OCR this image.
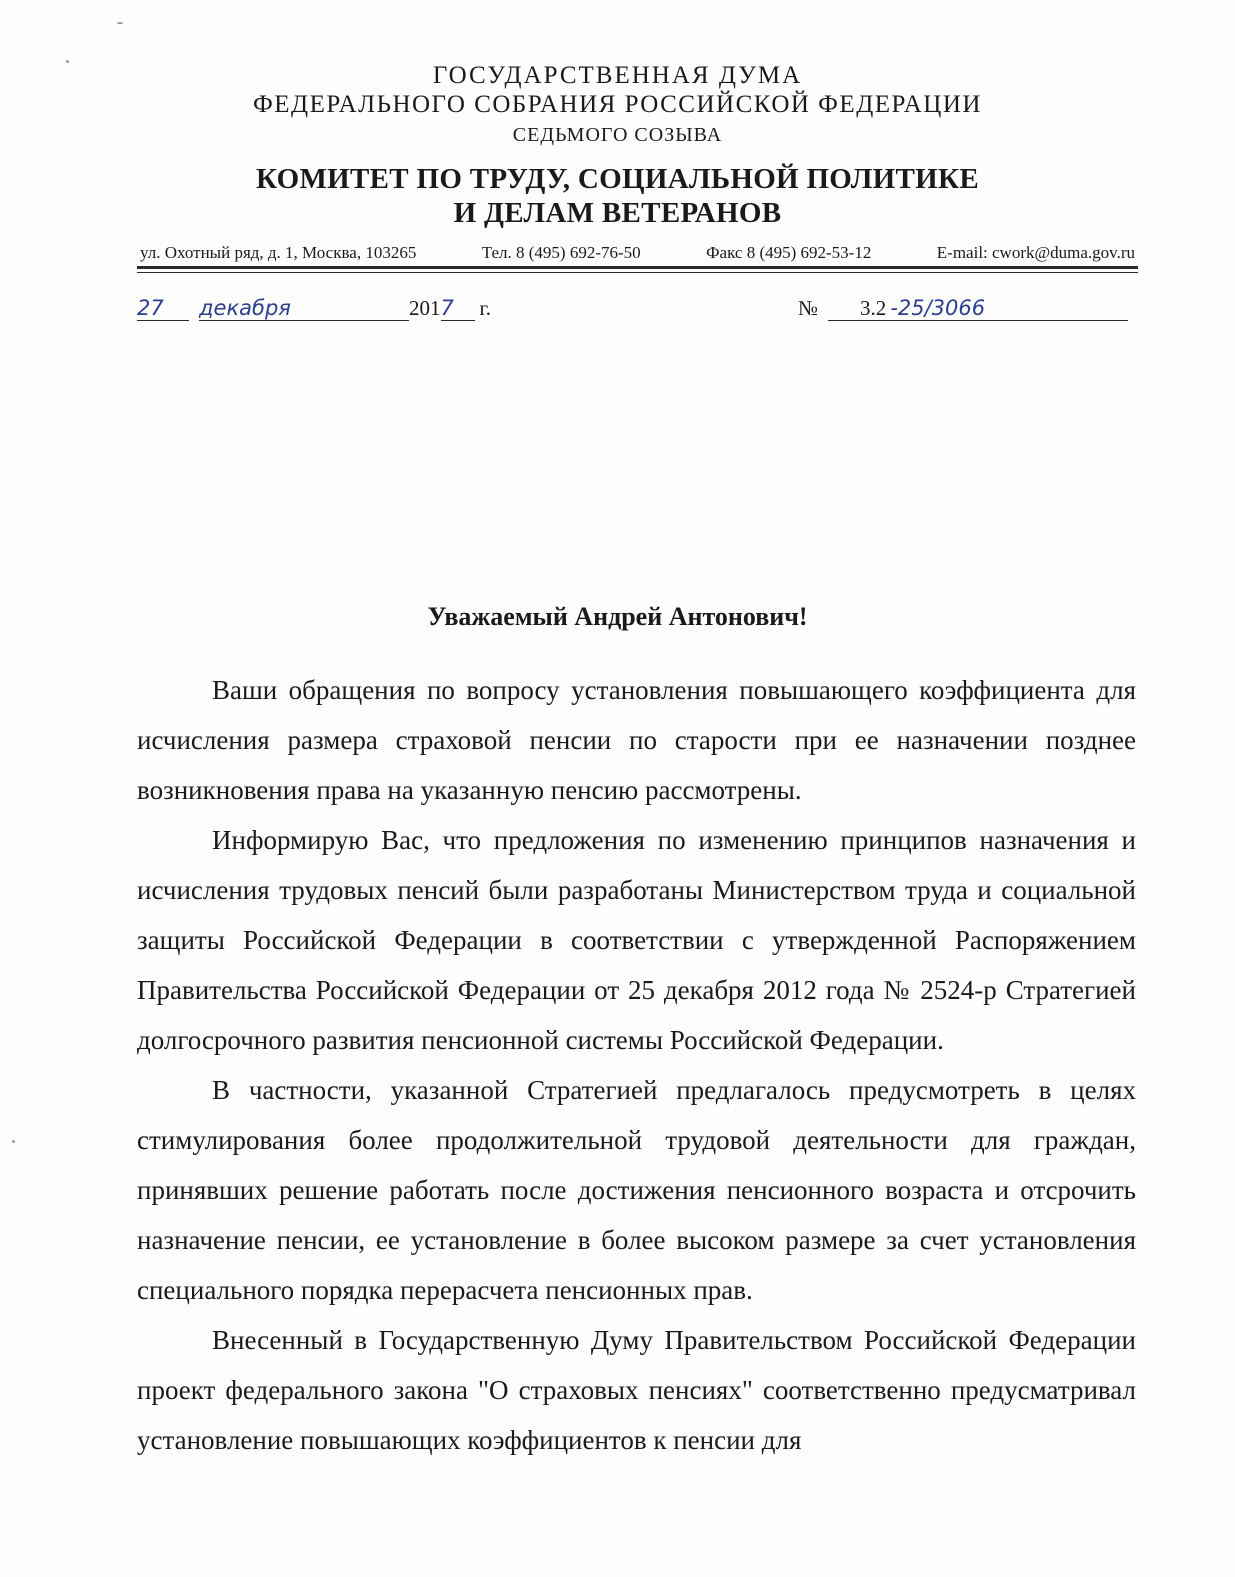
ГОСУДАРСТВЕННАЯ ДУМА
ФЕДЕРАЛЬНОГО СОБРАНИЯ РОССИЙСКОЙ ФЕДЕРАЦИИ
СЕДЬМОГО СОЗЫВА
КОМИТЕТ ПО ТРУДУ, СОЦИАЛЬНОЙ ПОЛИТИКЕ
И ДЕЛАМ ВЕТЕРАНОВ
ул. Охотный ряд, д. 1, Москва, 103265	Тел. 8 (495) 692-76-50	Факс 8 (495) 692-53-12	E-mail: cwork@duma.gov.ru
27 декабря	2017 г.	№ 3.2 -25/3066
Уважаемый Андрей Антонович!

Ваши обращения по вопросу установления повышающего коэффициента для исчисления размера страховой пенсии по старости при ее назначении позднее возникновения права на указанную пенсию рассмотрены.

Информирую Вас, что предложения по изменению принципов назначения и исчисления трудовых пенсий были разработаны Министерством труда и социальной защиты Российской Федерации в соответствии с утвержденной Распоряжением Правительства Российской Федерации от 25 декабря 2012 года № 2524-р Стратегией долгосрочного развития пенсионной системы Российской Федерации.

В частности, указанной Стратегией предлагалось предусмотреть в целях стимулирования более продолжительной трудовой деятельности для граждан, принявших решение работать после достижения пенсионного возраста и отсрочить назначение пенсии, ее установление в более высоком размере за счет установления специального порядка перерасчета пенсионных прав.

Внесенный в Государственную Думу Правительством Российской Федерации проект федерального закона "О страховых пенсиях" соответственно предусматривал установление повышающих коэффициентов к пенсии для
